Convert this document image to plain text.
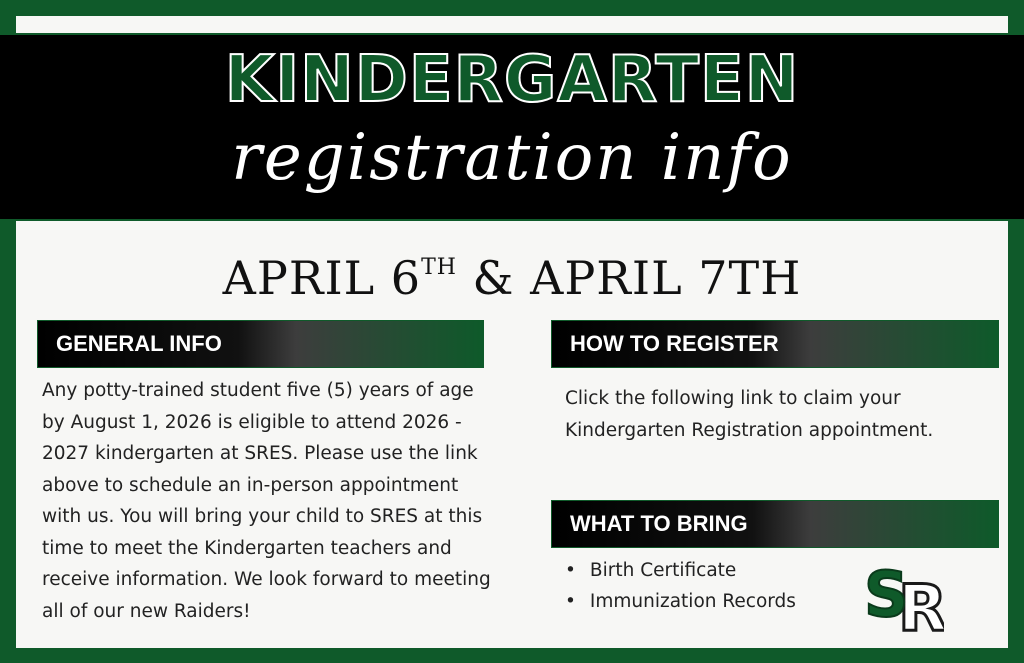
KINDERGARTEN
registration info
APRIL 6TH & APRIL 7TH
GENERAL INFO
Any potty-trained student five (5) years of age by August 1, 2026 is eligible to attend 2026 - 2027 kindergarten at SRES. Please use the link above to schedule an in-person appointment with us. You will bring your child to SRES at this time to meet the Kindergarten teachers and receive information. We look forward to meeting all of our new Raiders!
HOW TO REGISTER
Click the following link to claim your Kindergarten Registration appointment.
WHAT TO BRING
• Birth Certificate
• Immunization Records R
S
